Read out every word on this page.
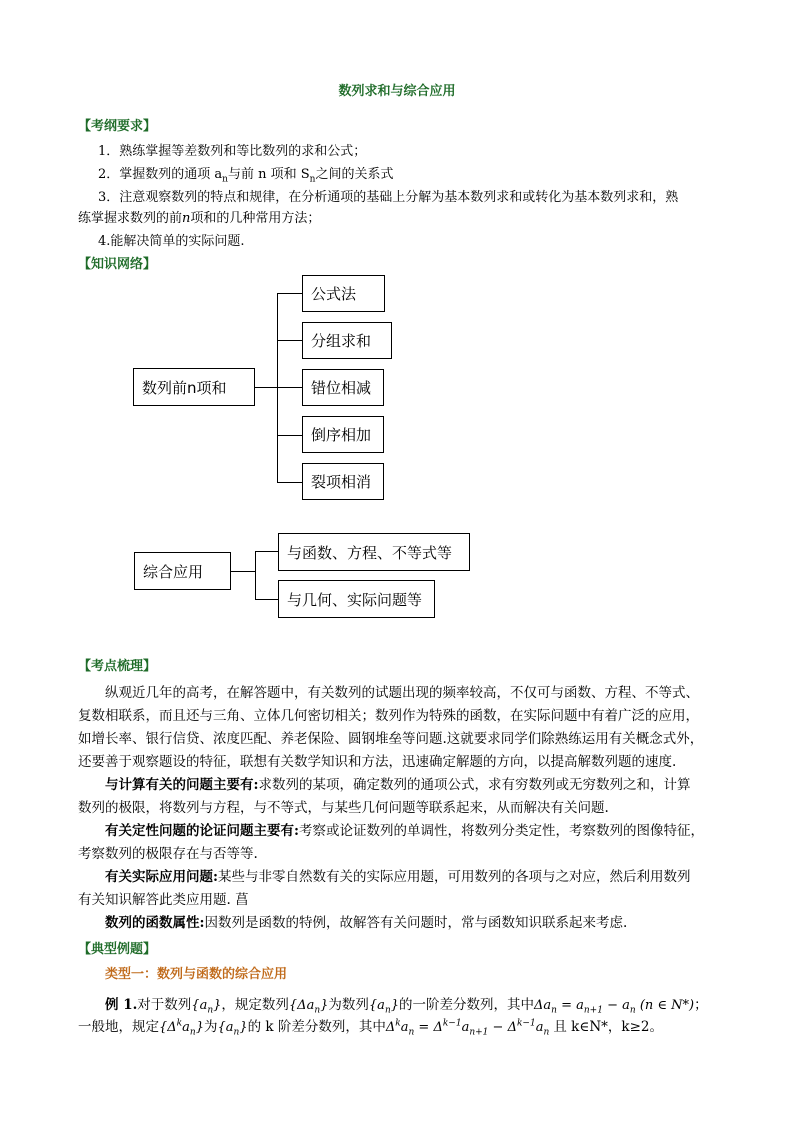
数列求和与综合应用
【考纲要求】
1．熟练掌握等差数列和等比数列的求和公式；
2．掌握数列的通项 $a_n$与前 n 项和 $S_n$之间的关系式
3．注意观察数列的特点和规律，在分析通项的基础上分解为基本数列求和或转化为基本数列求和，熟
练掌握求数列的前n项和的几种常用方法；
4.能解决简单的实际问题.
【知识网络】
数列前n项和
公式法
分组求和
错位相减
倒序相加
裂项相消
综合应用
与函数、方程、不等式等
与几何、实际问题等
【考点梳理】
纵观近几年的高考，在解答题中，有关数列的试题出现的频率较高，不仅可与函数、方程、不等式、
复数相联系，而且还与三角、立体几何密切相关；数列作为特殊的函数，在实际问题中有着广泛的应用，
如增长率、银行信贷、浓度匹配、养老保险、圆钢堆垒等问题.这就要求同学们除熟练运用有关概念式外，
还要善于观察题设的特征，联想有关数学知识和方法，迅速确定解题的方向，以提高解数列题的速度.
与计算有关的问题主要有:求数列的某项，确定数列的通项公式，求有穷数列或无穷数列之和，计算
数列的极限，将数列与方程，与不等式，与某些几何问题等联系起来，从而解决有关问题.
有关定性问题的论证问题主要有:考察或论证数列的单调性，将数列分类定性，考察数列的图像特征，
考察数列的极限存在与否等等.
有关实际应用问题:某些与非零自然数有关的实际应用题，可用数列的各项与之对应，然后利用数列
有关知识解答此类应用题. 菖
数列的函数属性:因数列是函数的特例，故解答有关问题时，常与函数知识联系起来考虑.
【典型例题】
类型一：数列与函数的综合应用
例 1.对于数列$\{a_n\}$，规定数列$\{\Delta a_n\}$为数列$\{a_n\}$的一阶差分数列，其中$\Delta a_n = a_{n+1} - a_n$ (n ∈ N*)；
一般地，规定$\{\Delta^ka_n\}$为$\{a_n\}$的 k 阶差分数列，其中$\Delta^ka_n = \Delta^{k-1}a_{n+1} - \Delta^{k-1}a_n$ 且 k∈N*，k≥2。
